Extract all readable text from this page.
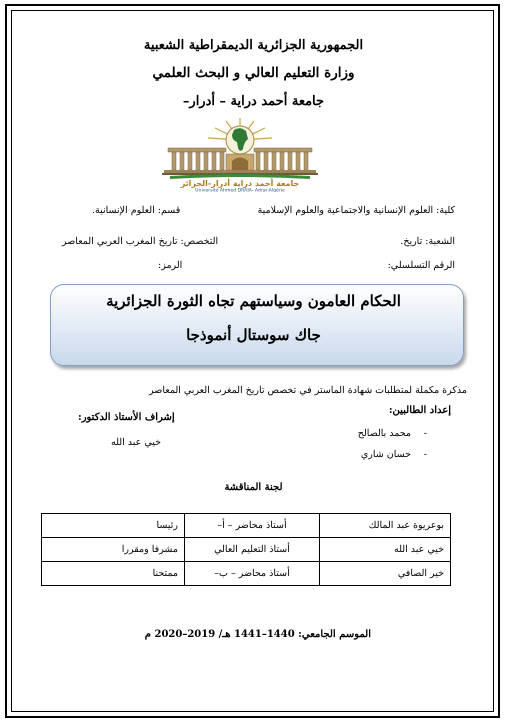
الجمهورية الجزائرية الديمقراطية الشعبية
وزارة التعليم العالي و البحث العلمي
جامعة أحمد دراية – أدرار–
جامعة أحمد دراية أدرار-الجزائر
Université Ahmed DRAIA- Adrar-Algérie
كلية: العلوم الإنسانية والاجتماعية والعلوم الإسلامية
قسم: العلوم الإنسانية.
الشعبة: تاريخ.
التخصص: تاريخ المغرب العربي المعاصر
الرقم التسلسلي:
الرمز:
الحكام العامون وسياستهم تجاه الثورة الجزائرية
جاك سوستال أنموذجا
مذكرة مكملة لمتطلبات شهادة الماستر في تخصص تاريخ المغرب العربي المعاصر
إعداد الطالبين:
-
محمد بالصالح
-
حسان شاري
إشراف الأستاذ الدكتور:
خيي عبد الله
لجنة المناقشة
بوعريوة عبد المالك	أستاذ محاضر – أ–	رئيسا
خيي عبد الله	أستاذ التعليم العالي	مشرفا ومقررا
خير الصافي	أستاذ محاضر – ب–	ممتحنا
الموسم الجامعي: 1440–1441 هـ/ 2019–2020 م
